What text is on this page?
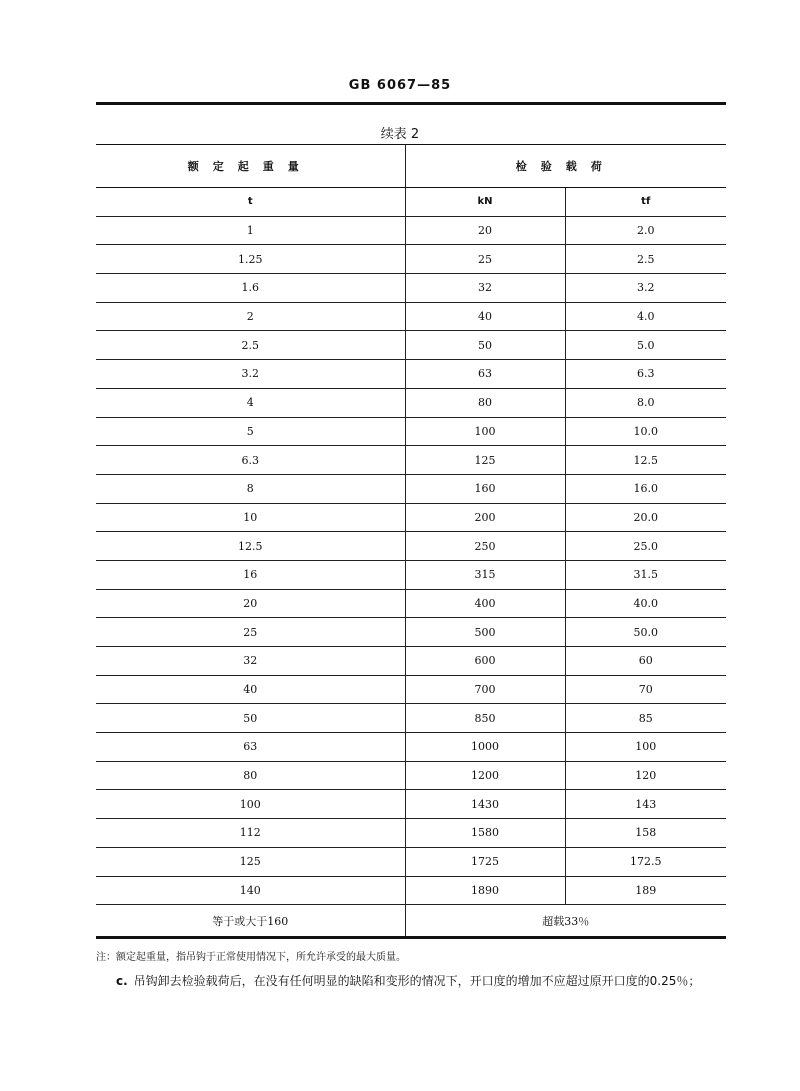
GB 6067—85
续表 2
额定起重量	检验载荷	
t	kN	tf
1	20	2.0
1.25	25	2.5
1.6	32	3.2
2	40	4.0
2.5	50	5.0
3.2	63	6.3
4	80	8.0
5	100	10.0
6.3	125	12.5
8	160	16.0
10	200	20.0
12.5	250	25.0
16	315	31.5
20	400	40.0
25	500	50.0
32	600	60
40	700	70
50	850	85
63	1000	100
80	1200	120
100	1430	143
112	1580	158
125	1725	172.5
140	1890	189
等于或大于160	超载33％	
注：额定起重量，指吊钩于正常使用情况下，所允许承受的最大质量。
c. 吊钩卸去检验载荷后，在没有任何明显的缺陷和变形的情况下，开口度的增加不应超过原开口度的0.25％；
